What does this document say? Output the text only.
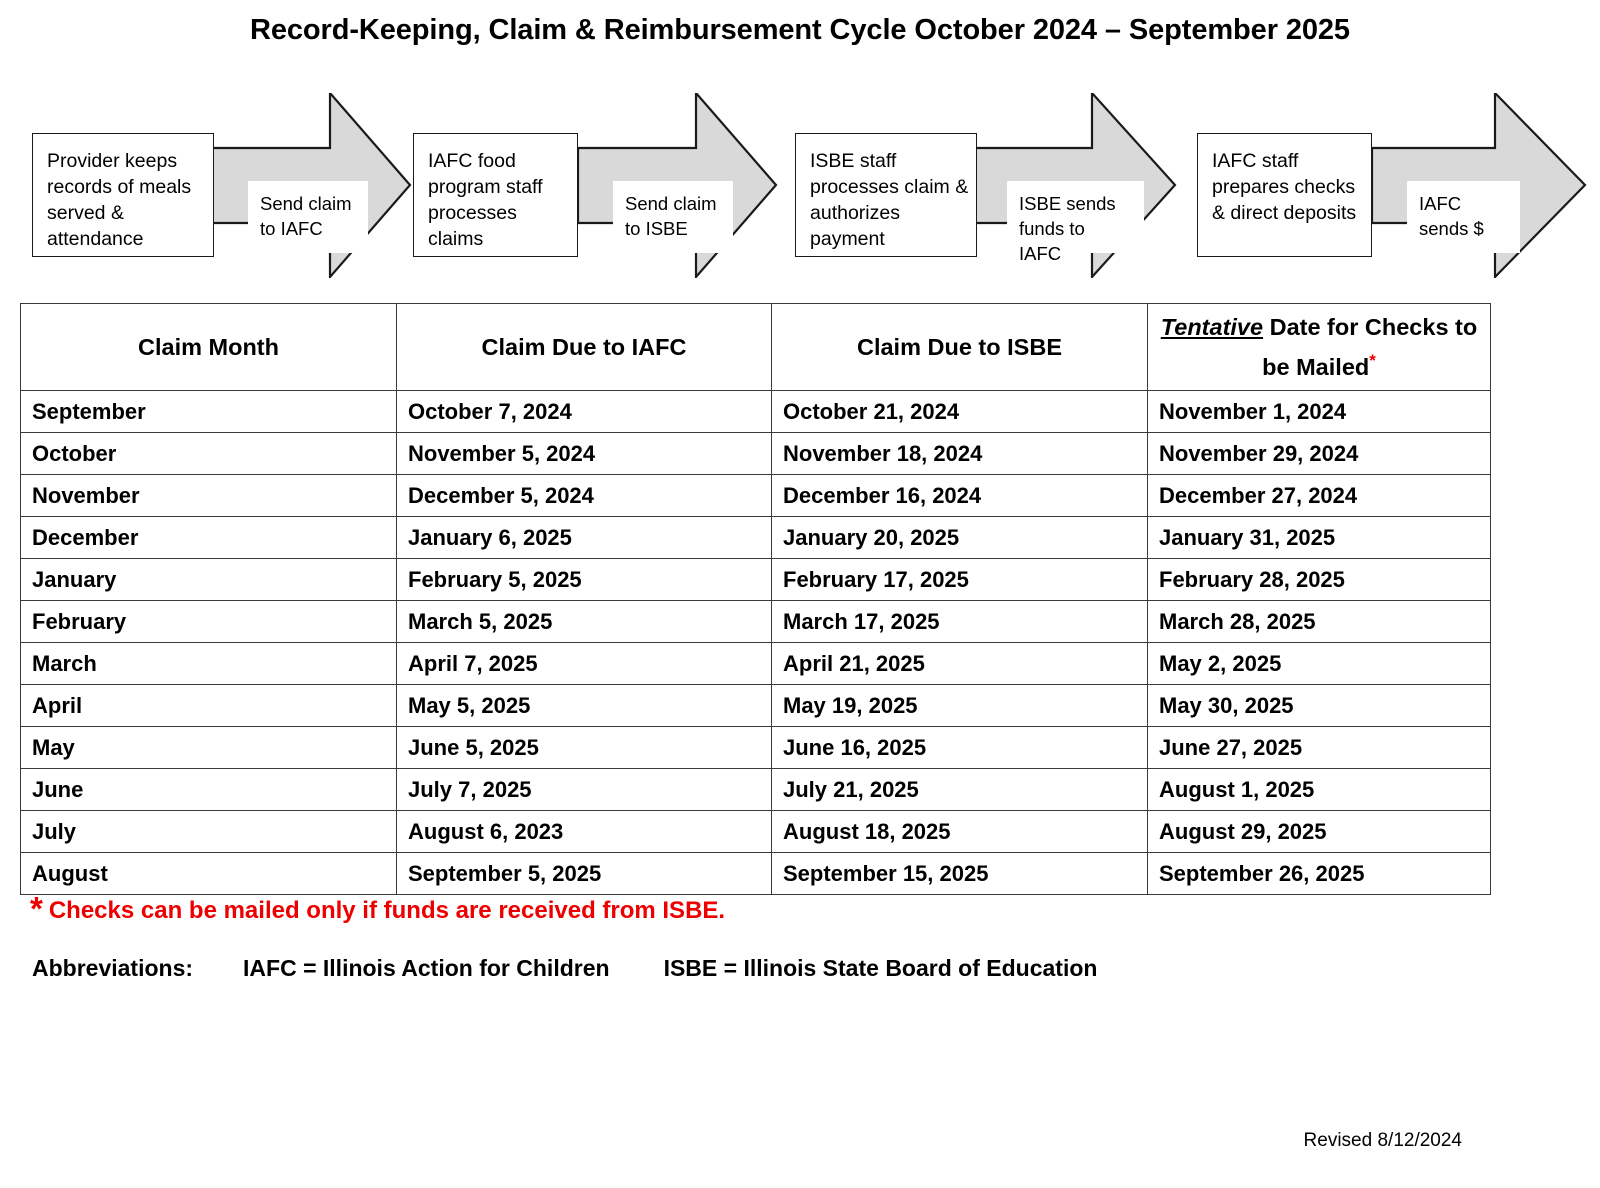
Record-Keeping, Claim & Reimbursement Cycle October 2024 – September 2025
Provider keeps records of meals served & attendance
Send claim to IAFC
IAFC food program staff processes claims
Send claim to ISBE
ISBE staff processes claim & authorizes payment
ISBE sends funds to IAFC
IAFC staff prepares checks & direct deposits	IAFC sends $
Claim Month	Claim Due to IAFC	Claim Due to ISBE	Tentative Date for Checks to be Mailed*
September	October 7, 2024	October 21, 2024	November 1, 2024
October	November 5, 2024	November 18, 2024	November 29, 2024
November	December 5, 2024	December 16, 2024	December 27, 2024
December	January 6, 2025	January 20, 2025	January 31, 2025
January	February 5, 2025	February 17, 2025	February 28, 2025
February	March 5, 2025	March 17, 2025	March 28, 2025
March	April 7, 2025	April 21, 2025	May 2, 2025
April	May 5, 2025	May 19, 2025	May 30, 2025
May	June 5, 2025	June 16, 2025	June 27, 2025
June	July 7, 2025	July 21, 2025	August 1, 2025
July	August 6, 2023	August 18, 2025	August 29, 2025
August	September 5, 2025	September 15, 2025	September 26, 2025
* Checks can be mailed only if funds are received from ISBE.
Abbreviations: IAFC = Illinois Action for Children ISBE = Illinois State Board of Education
Revised 8/12/2024
